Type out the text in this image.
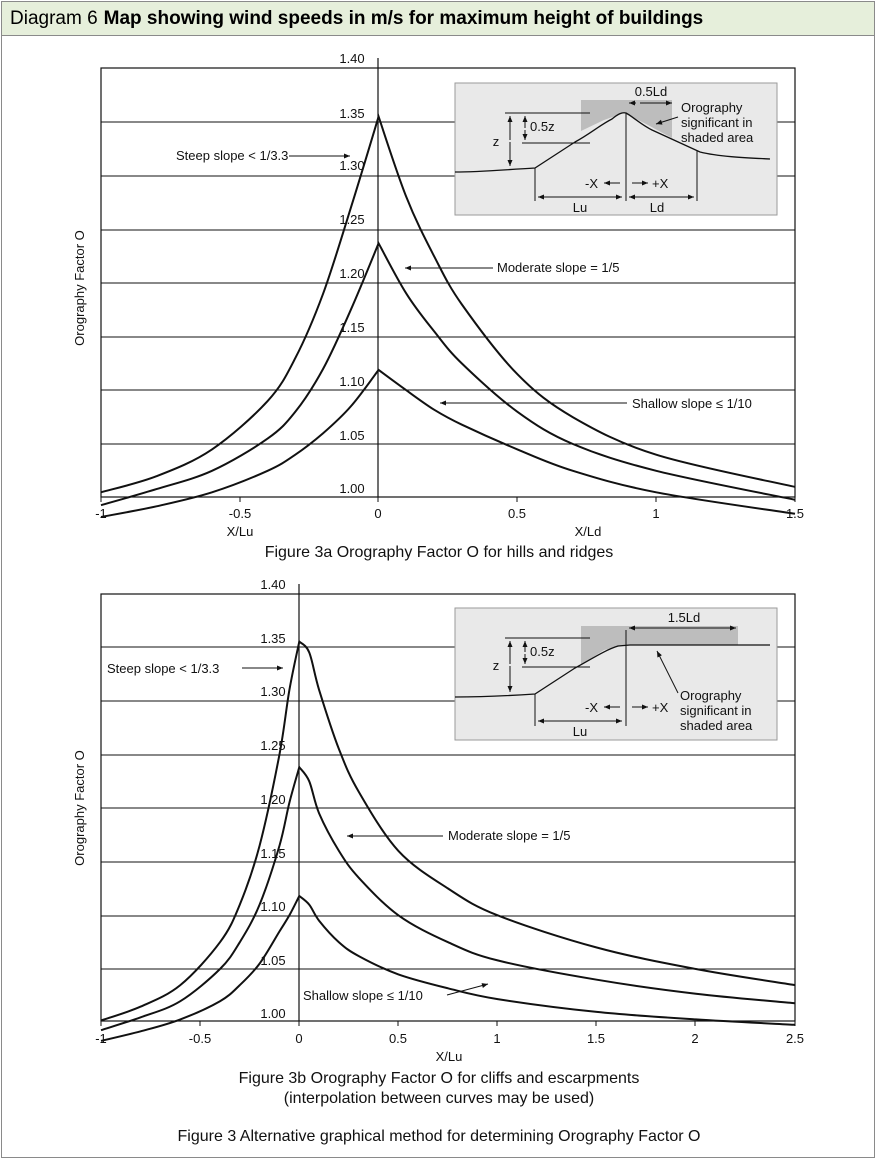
Diagram 6 Map showing wind speeds in m/s for maximum height of buildings
-1	-0.5	0	0.5	1	1.5
1.00
1.05
1.10
1.15
1.20
1.25
1.30
1.35
1.40
Orography Factor O
X/Lu	X/Ld
Steep slope < 1/3.3
Moderate slope = 1/5
Shallow slope ≤ 1/10
z
0.5z
0.5Ld
Orography
significant in
shaded area
-X	+X
Lu	Ld
-1	-0.5	0	0.5	1	1.5	2	2.5
1.00
1.05
1.10
1.15
1.20
1.25
1.30
1.35
1.40
Orography Factor O
X/Lu
Steep slope < 1/3.3
Moderate slope = 1/5
Shallow slope ≤ 1/10
z
0.5z
1.5Ld
-X	+X
Lu
Orography
significant in
shaded area
Figure 3a Orography Factor O for hills and ridges
Figure 3b Orography Factor O for cliffs and escarpments
(interpolation between curves may be used)
Figure 3 Alternative graphical method for determining Orography Factor O
